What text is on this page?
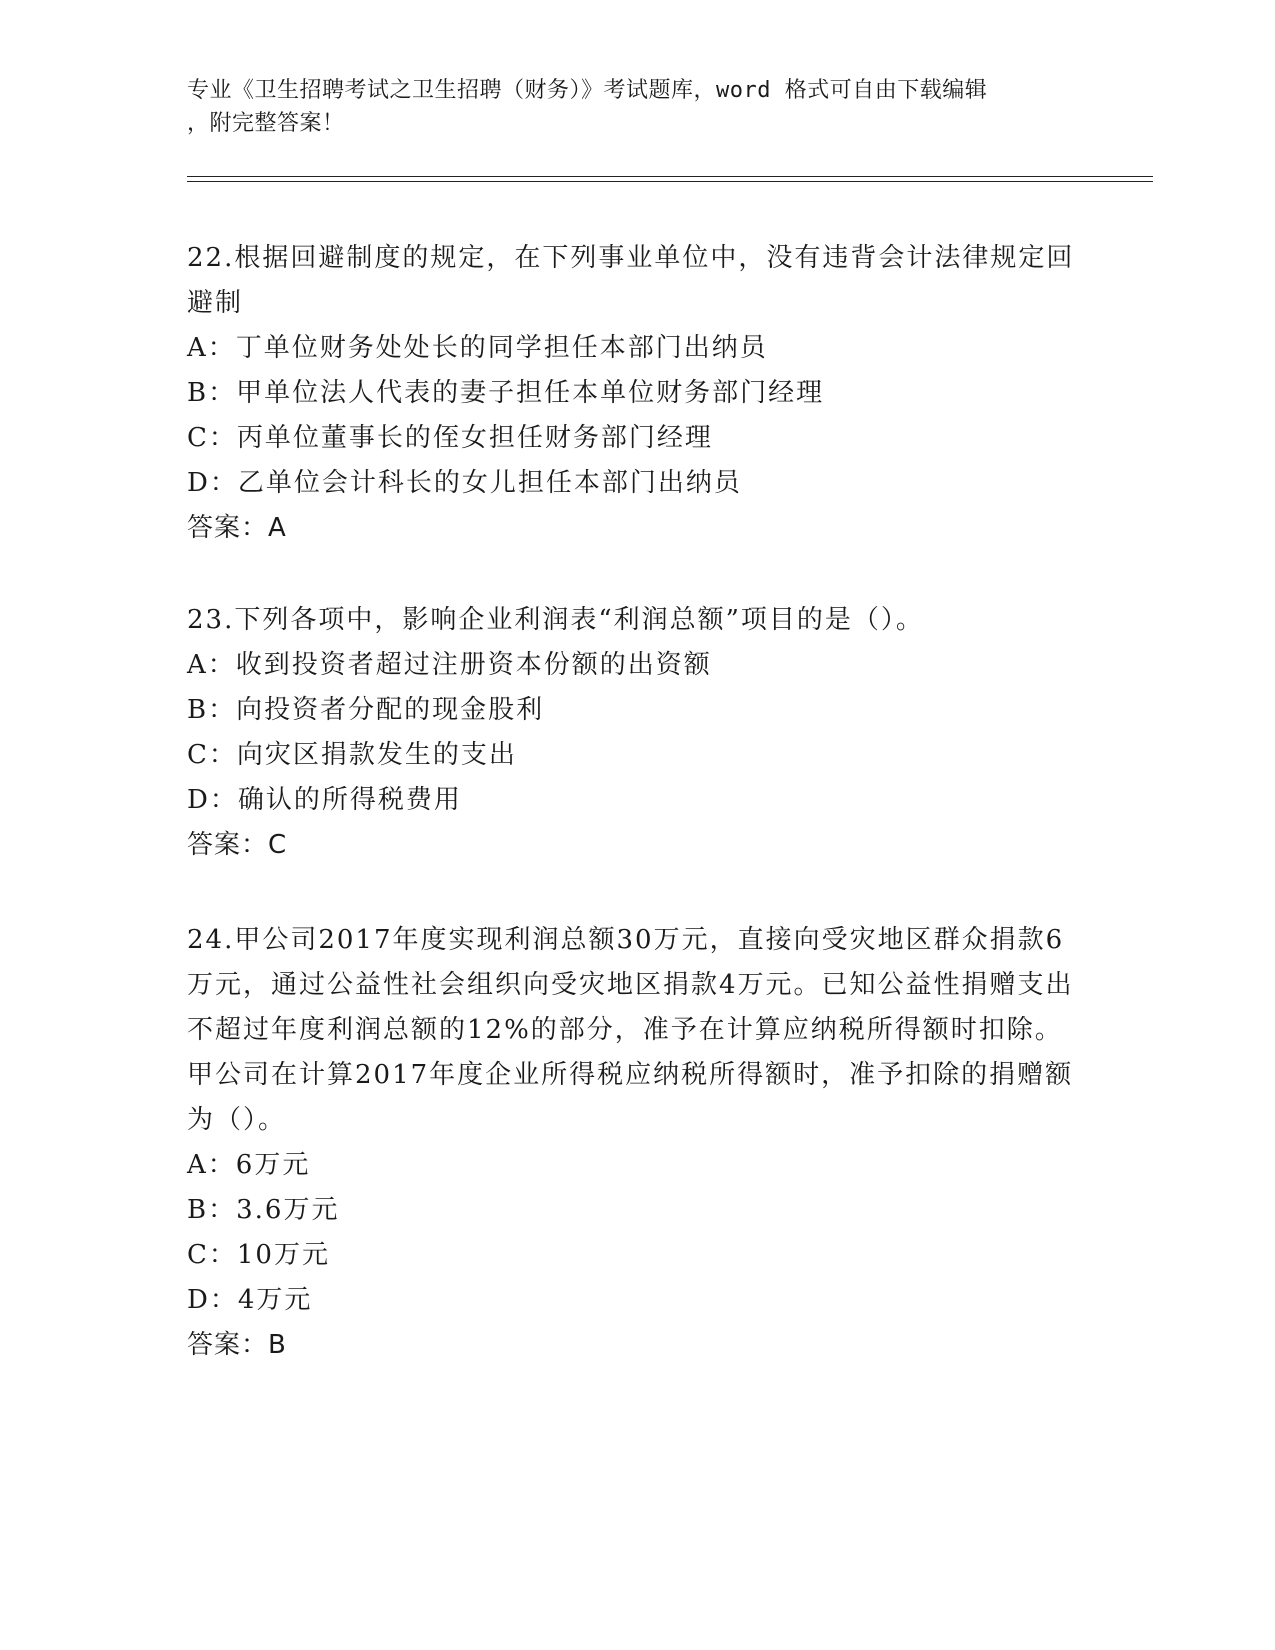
专业《卫生招聘考试之卫生招聘（财务）》考试题库，word 格式可自由下载编辑
，附完整答案！

22.根据回避制度的规定，在下列事业单位中，没有违背会计法律规定回避制

A：丁单位财务处处长的同学担任本部门出纳员

B：甲单位法人代表的妻子担任本单位财务部门经理

C：丙单位董事长的侄女担任财务部门经理

D：乙单位会计科长的女儿担任本部门出纳员

答案：A

23.下列各项中，影响企业利润表“利润总额”项目的是（）。

A：收到投资者超过注册资本份额的出资额

B：向投资者分配的现金股利

C：向灾区捐款发生的支出

D：确认的所得税费用

答案：C

24.甲公司2017年度实现利润总额30万元，直接向受灾地区群众捐款6万元，通过公益性社会组织向受灾地区捐款4万元。已知公益性捐赠支出不超过年度利润总额的12%的部分，准予在计算应纳税所得额时扣除。甲公司在计算2017年度企业所得税应纳税所得额时，准予扣除的捐赠额为（）。

A：6万元

B：3.6万元

C：10万元

D：4万元

答案：B
